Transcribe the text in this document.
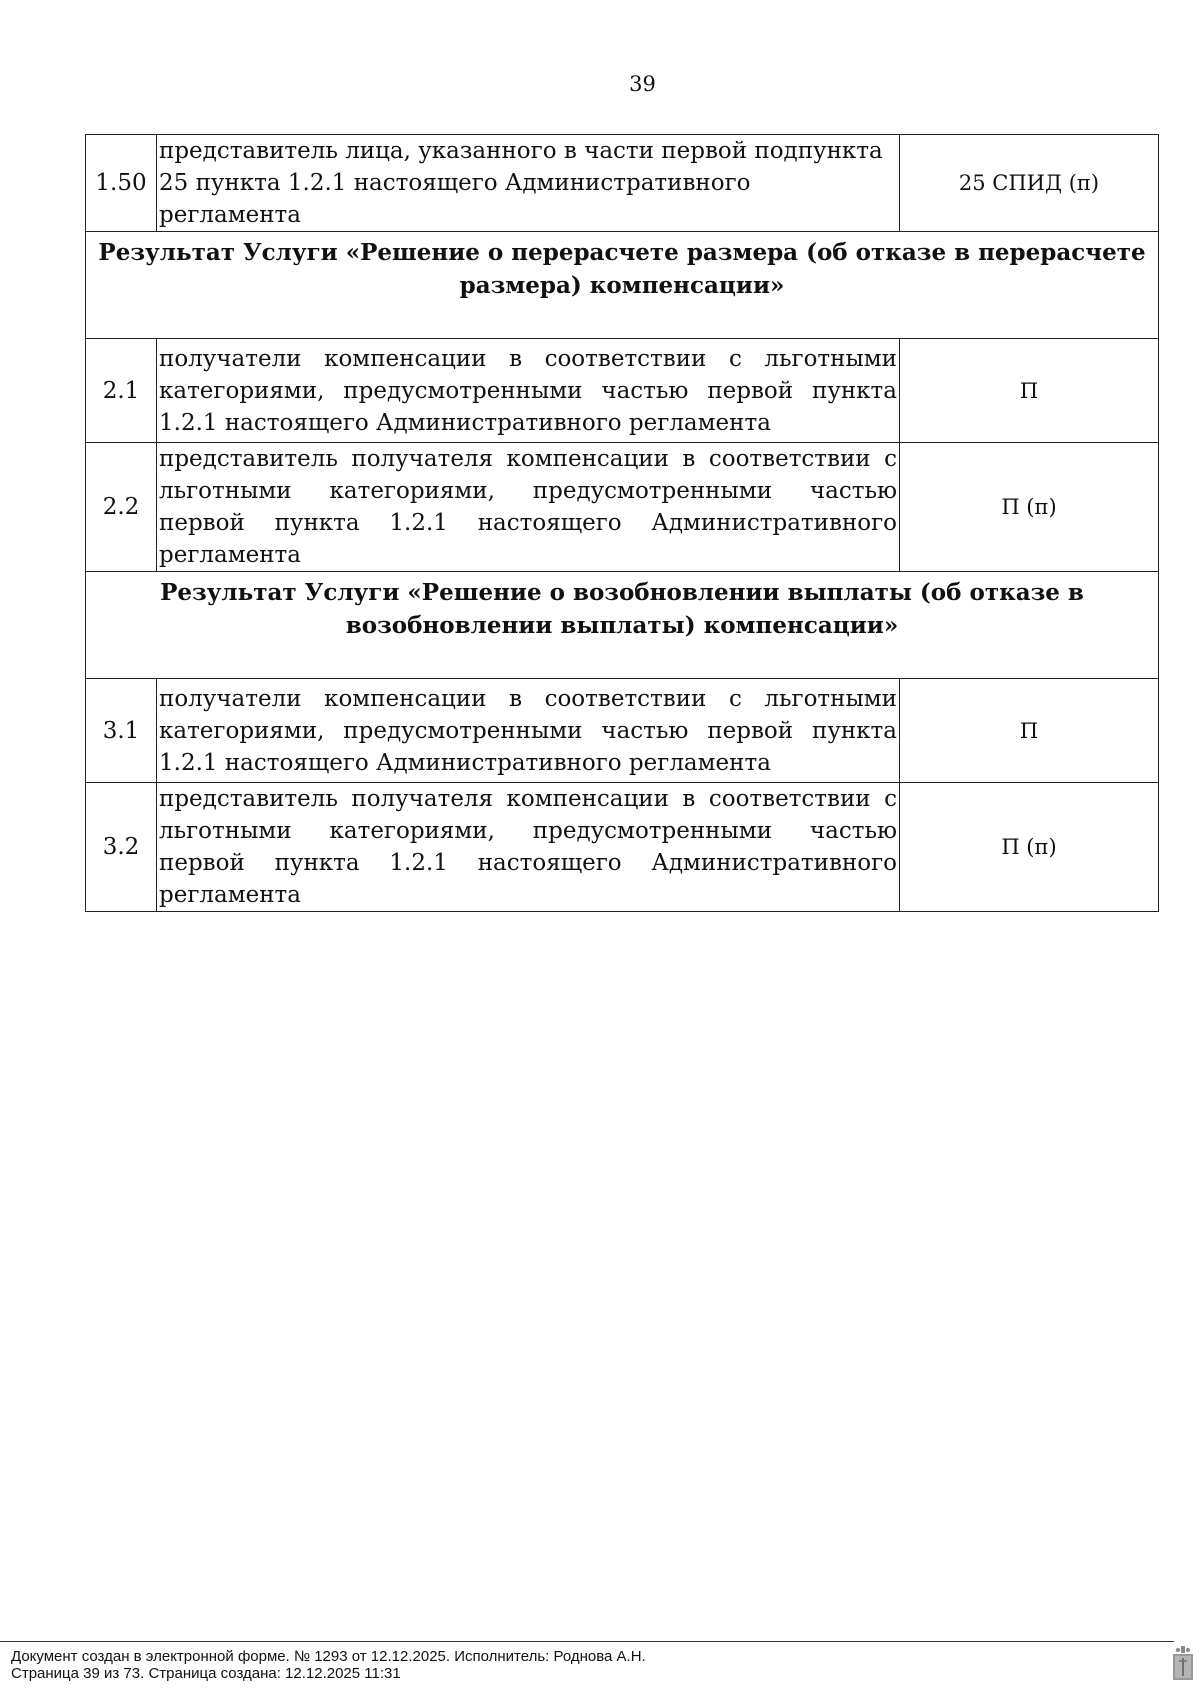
39
1.50	представитель лица, указанного в части первой подпункта 25 пункта 1.2.1 настоящего Административного регламента	25 СПИД (п)
Результат Услуги «Решение о перерасчете размера (об отказе в перерасчете размера) компенсации»		
2.1	получатели компенсации в соответствии с льготными категориями, предусмотренными частью первой пункта 1.2.1 настоящего Административного регламента	П
2.2	представитель получателя компенсации в соответствии с льготными категориями, предусмотренными частью первой пункта 1.2.1 настоящего Административного регламента	П (п)
Результат Услуги «Решение о возобновлении выплаты (об отказе в возобновлении выплаты) компенсации»		
3.1	получатели компенсации в соответствии с льготными категориями, предусмотренными частью первой пункта 1.2.1 настоящего Административного регламента	П
3.2	представитель получателя компенсации в соответствии с льготными категориями, предусмотренными частью первой пункта 1.2.1 настоящего Административного регламента	П (п)
Документ создан в электронной форме. № 1293 от 12.12.2025. Исполнитель: Роднова А.Н.
Страница 39 из 73. Страница создана: 12.12.2025 11:31
